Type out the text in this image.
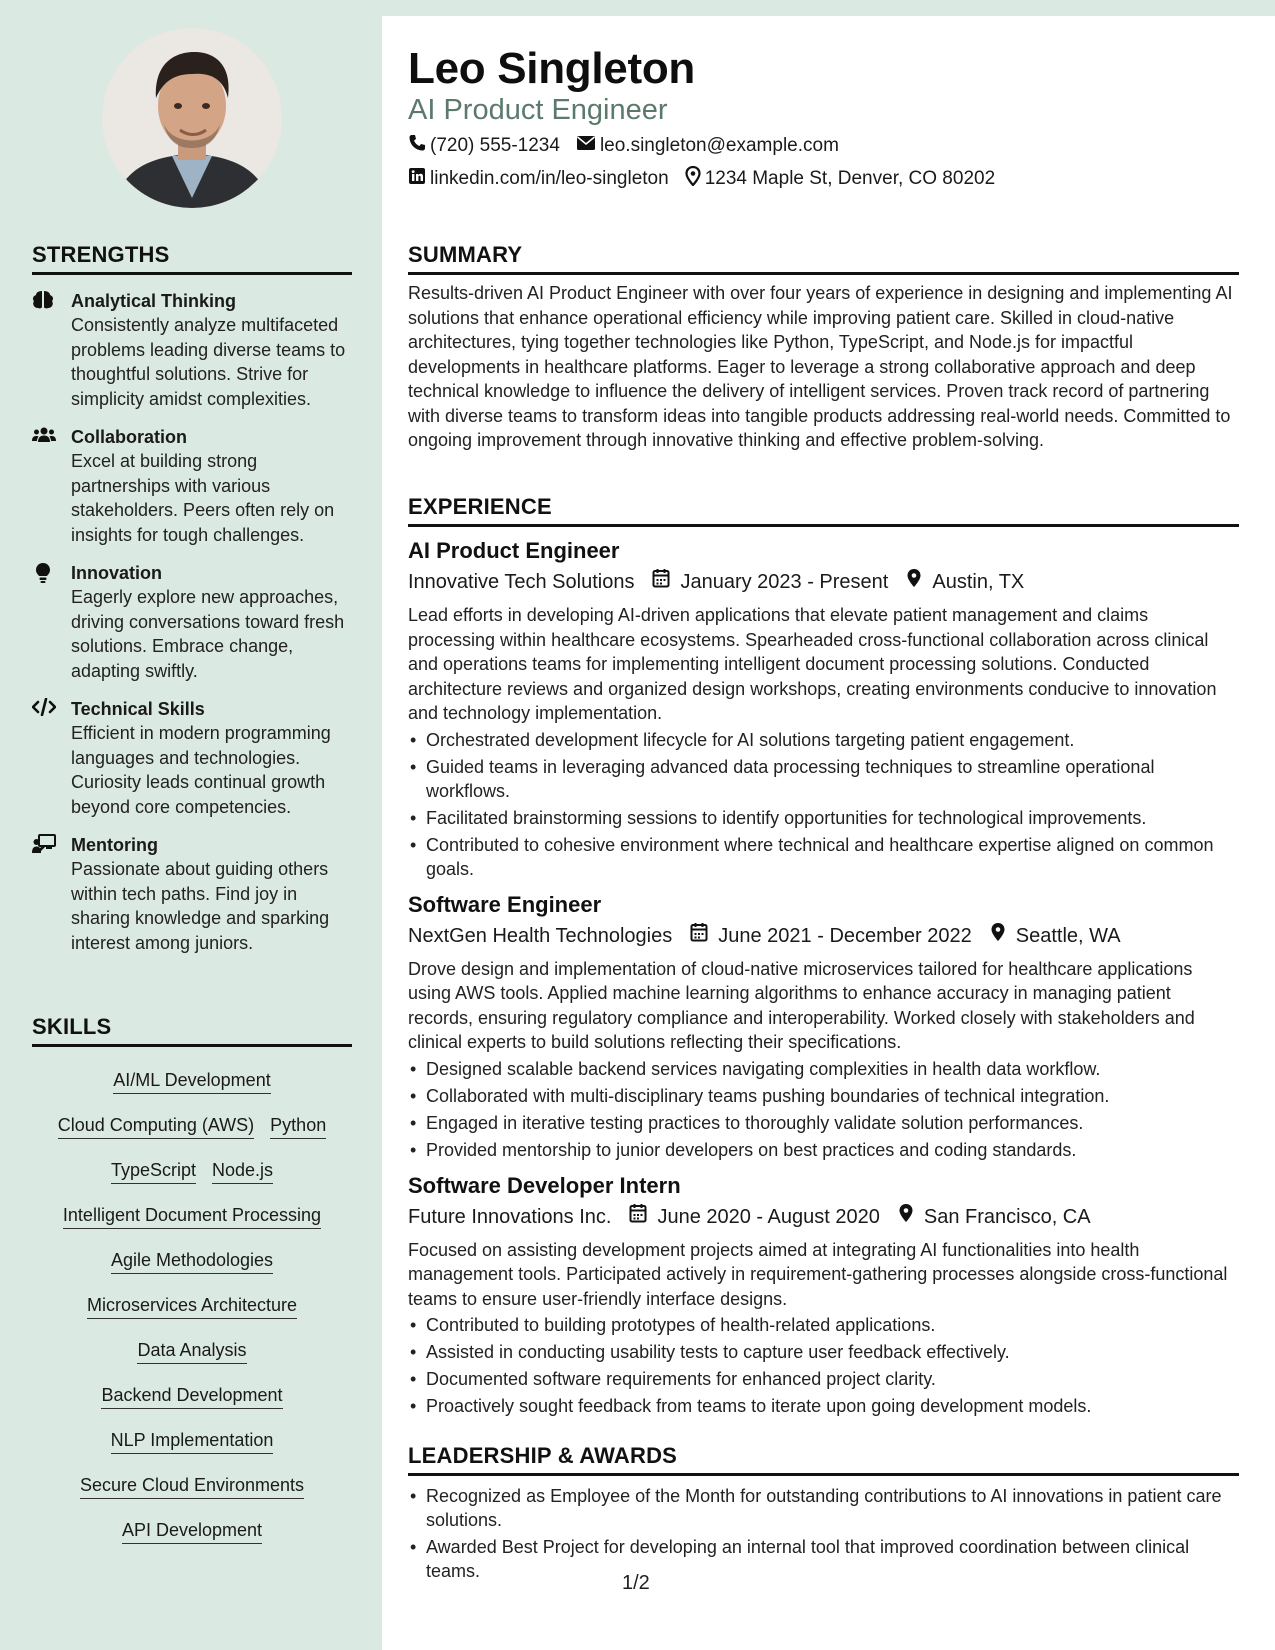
STRENGTHS
Analytical Thinking
Consistently analyze multifaceted problems leading diverse teams to thoughtful solutions. Strive for simplicity amidst complexities.
Collaboration
Excel at building strong partnerships with various stakeholders. Peers often rely on insights for tough challenges.
Innovation
Eagerly explore new approaches, driving conversations toward fresh solutions. Embrace change, adapting swiftly.
Technical Skills
Efficient in modern programming languages and technologies. Curiosity leads continual growth beyond core competencies.
Mentoring
Passionate about guiding others within tech paths. Find joy in sharing knowledge and sparking interest among juniors.
SKILLS
AI/ML Development
Cloud Computing (AWS) Python
TypeScript Node.js
Intelligent Document Processing
Agile Methodologies
Microservices Architecture
Data Analysis
Backend Development
NLP Implementation
Secure Cloud Environments
API Development
Leo Singleton
AI Product Engineer
(720) 555-1234 leo.singleton@example.com
linkedin.com/in/leo-singleton 1234 Maple St, Denver, CO 80202
SUMMARY
Results-driven AI Product Engineer with over four years of experience in designing and implementing AI solutions that enhance operational efficiency while improving patient care. Skilled in cloud-native architectures, tying together technologies like Python, TypeScript, and Node.js for impactful developments in healthcare platforms. Eager to leverage a strong collaborative approach and deep technical knowledge to influence the delivery of intelligent services. Proven track record of partnering with diverse teams to transform ideas into tangible products addressing real-world needs. Committed to ongoing improvement through innovative thinking and effective problem-solving.
EXPERIENCE
AI Product Engineer
Innovative Tech Solutions January 2023 - Present Austin, TX
Lead efforts in developing AI-driven applications that elevate patient management and claims processing within healthcare ecosystems. Spearheaded cross-functional collaboration across clinical and operations teams for implementing intelligent document processing solutions. Conducted architecture reviews and organized design workshops, creating environments conducive to innovation and technology implementation.
• Orchestrated development lifecycle for AI solutions targeting patient engagement.
• Guided teams in leveraging advanced data processing techniques to streamline operational workflows.
• Facilitated brainstorming sessions to identify opportunities for technological improvements.
• Contributed to cohesive environment where technical and healthcare expertise aligned on common goals.
Software Engineer
NextGen Health Technologies June 2021 - December 2022 Seattle, WA
Drove design and implementation of cloud-native microservices tailored for healthcare applications using AWS tools. Applied machine learning algorithms to enhance accuracy in managing patient records, ensuring regulatory compliance and interoperability. Worked closely with stakeholders and clinical experts to build solutions reflecting their specifications.
• Designed scalable backend services navigating complexities in health data workflow.
• Collaborated with multi-disciplinary teams pushing boundaries of technical integration.
• Engaged in iterative testing practices to thoroughly validate solution performances.
• Provided mentorship to junior developers on best practices and coding standards.
Software Developer Intern
Future Innovations Inc. June 2020 - August 2020 San Francisco, CA
Focused on assisting development projects aimed at integrating AI functionalities into health management tools. Participated actively in requirement-gathering processes alongside cross-functional teams to ensure user-friendly interface designs.
• Contributed to building prototypes of health-related applications.
• Assisted in conducting usability tests to capture user feedback effectively.
• Documented software requirements for enhanced project clarity.
• Proactively sought feedback from teams to iterate upon going development models.
LEADERSHIP & AWARDS
• Recognized as Employee of the Month for outstanding contributions to AI innovations in patient care solutions.
• Awarded Best Project for developing an internal tool that improved coordination between clinical teams.
1/2
